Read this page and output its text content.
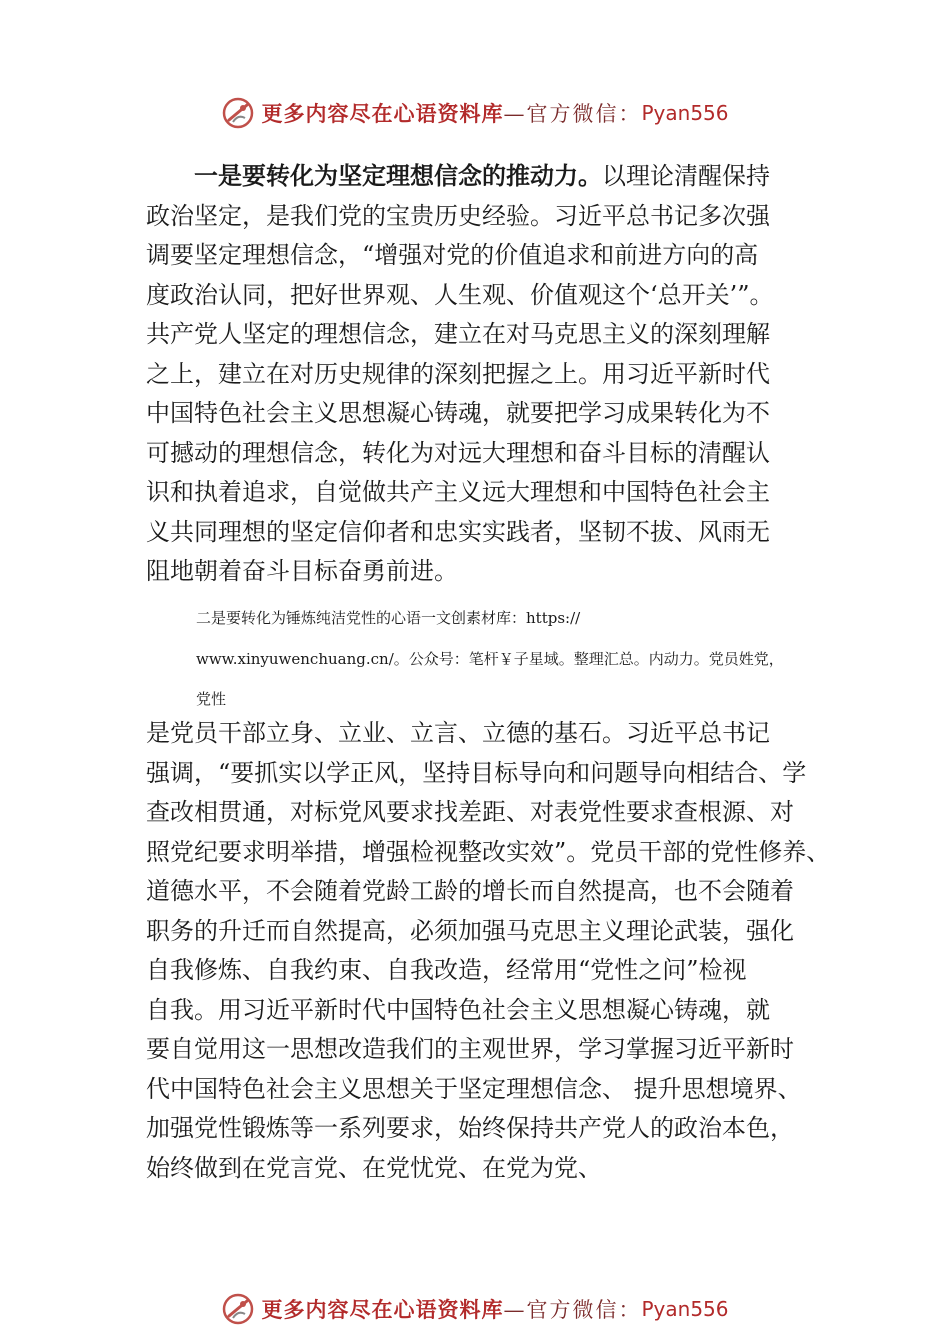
更多内容尽在心语资料库 —官方微信： Pyan556
一是要转化为坚定理想信念的推动力。以理论清醒保持
政治坚定，是我们党的宝贵历史经验。习近平总书记多次强
调要坚定理想信念，“增强对党的价值追求和前进方向的高
度政治认同，把好世界观、人生观、价值观这个‘总开关’”。
共产党人坚定的理想信念，建立在对马克思主义的深刻理解
之上，建立在对历史规律的深刻把握之上。用习近平新时代
中国特色社会主义思想凝心铸魂，就要把学习成果转化为不
可撼动的理想信念，转化为对远大理想和奋斗目标的清醒认
识和执着追求，自觉做共产主义远大理想和中国特色社会主
义共同理想的坚定信仰者和忠实实践者，坚韧不拔、风雨无
阻地朝着奋斗目标奋勇前进。
二是要转化为锤炼纯洁党性的心语一文创素材库：https://
www.xinyuwenchuang.cn/。公众号：笔杆￥子星域。整理汇总。内动力。党员姓党，
党性
是党员干部立身、立业、立言、立德的基石。习近平总书记
强调，“要抓实以学正风，坚持目标导向和问题导向相结合、学
查改相贯通，对标党风要求找差距、对表党性要求查根源、对
照党纪要求明举措，增强检视整改实效”。党员干部的党性修养、
道德水平，不会随着党龄工龄的增长而自然提高，也不会随着
职务的升迁而自然提高，必须加强马克思主义理论武装，强化
自我修炼、自我约束、自我改造，经常用“党性之问”检视
自我。用习近平新时代中国特色社会主义思想凝心铸魂，就
要自觉用这一思想改造我们的主观世界，学习掌握习近平新时
代中国特色社会主义思想关于坚定理想信念、 提升思想境界、
加强党性锻炼等一系列要求，始终保持共产党人的政治本色，
始终做到在党言党、在党忧党、在党为党、
更多内容尽在心语资料库 —官方微信： Pyan556
